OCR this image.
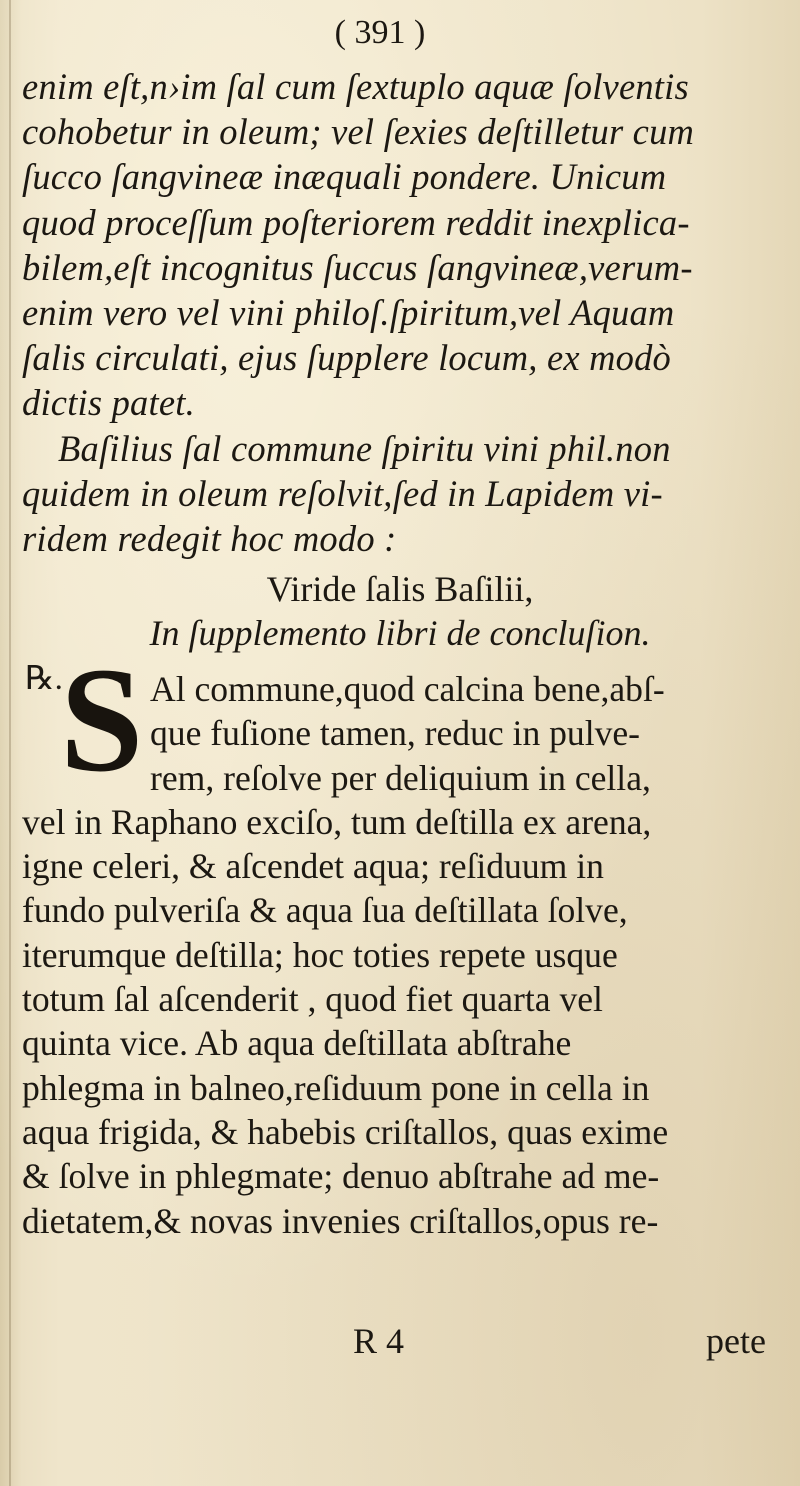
( 391 )
enim eſt,n›im ſal cum ſextuplo aquæ ſolventis
cohobetur in oleum; vel ſexies deſtilletur cum
ſucco ſangvineæ inæquali pondere. Unicum
quod proceſſum poſteriorem reddit inexplica-
bilem,eſt incognitus ſuccus ſangvineæ,verum-
enim vero vel vini philoſ.ſpiritum,vel Aquam
ſalis circulati, ejus ſupplere locum, ex modò
dictis patet.
Baſilius ſal commune ſpiritu vini phil.non
quidem in oleum reſolvit,ſed in Lapidem vi-
ridem redegit hoc modo :
Viride ſalis Baſilii,
In ſupplemento libri de concluſion.
℞.
S Al commune,quod calcina bene,abſ-
que fuſione tamen, reduc in pulve-
rem, reſolve per deliquium in cella,
vel in Raphano exciſo, tum deſtilla ex arena,
igne celeri, & aſcendet aqua; reſiduum in
fundo pulveriſa & aqua ſua deſtillata ſolve,
iterumque deſtilla; hoc toties repete usque
totum ſal aſcenderit , quod fiet quarta vel
quinta vice. Ab aqua deſtillata abſtrahe
phlegma in balneo,reſiduum pone in cella in
aqua frigida, & habebis criſtallos, quas exime
& ſolve in phlegmate; denuo abſtrahe ad me-
dietatem,& novas invenies criſtallos,opus re-
R 4	pete
